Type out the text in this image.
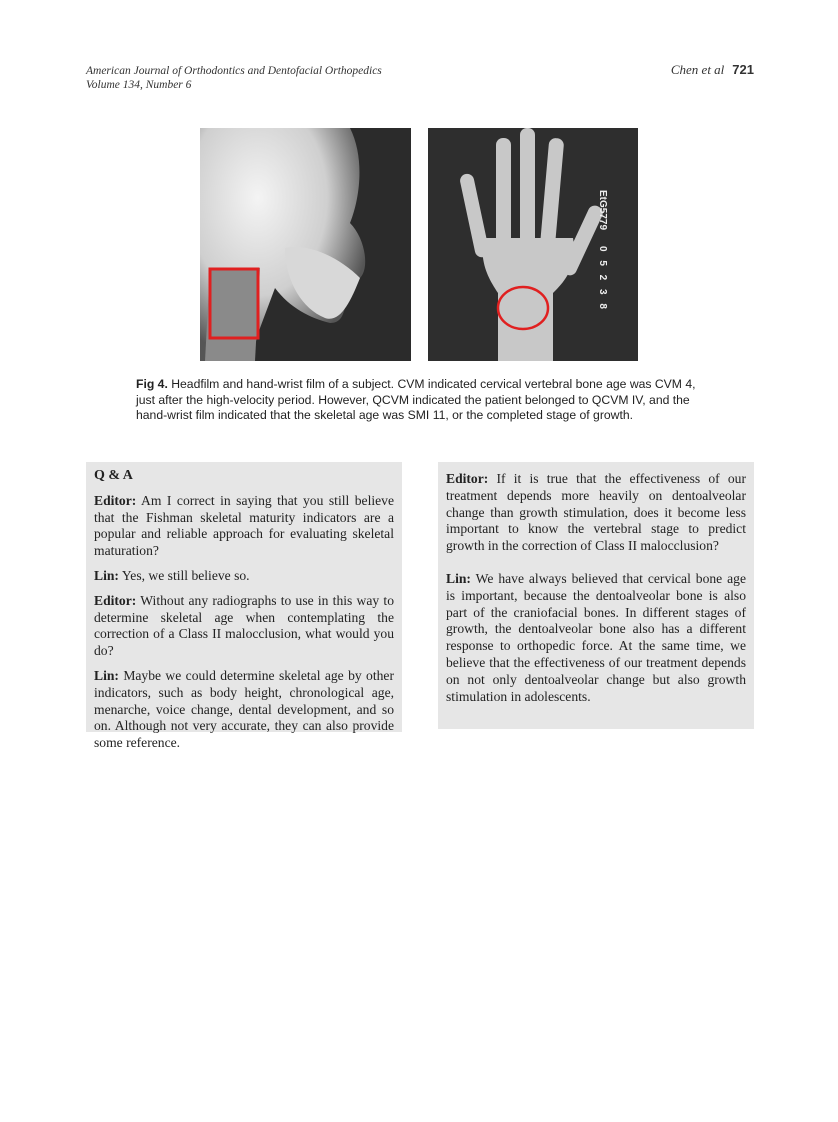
American Journal of Orthodontics and Dentofacial Orthopedics
Volume 134, Number 6
Chen et al 721
EtG5779
0 5 2 3 8
Fig 4. Headfilm and hand-wrist film of a subject. CVM indicated cervical vertebral bone age was CVM 4, just after the high-velocity period. However, QCVM indicated the patient belonged to QCVM IV, and the hand-wrist film indicated that the skeletal age was SMI 11, or the completed stage of growth.

Q & A

Editor: Am I correct in saying that you still believe that the Fishman skeletal maturity indicators are a popular and reliable approach for evaluating skeletal maturation?

Lin: Yes, we still believe so.

Editor: Without any radiographs to use in this way to determine skeletal age when contemplating the correction of a Class II malocclusion, what would you do?

Lin: Maybe we could determine skeletal age by other indicators, such as body height, chronological age, menarche, voice change, dental development, and so on. Although not very accurate, they can also provide some reference.

Editor: If it is true that the effectiveness of our treatment depends more heavily on dentoalveolar change than growth stimulation, does it become less important to know the vertebral stage to predict growth in the correction of Class II malocclusion?

Lin: We have always believed that cervical bone age is important, because the dentoalveolar bone is also part of the craniofacial bones. In different stages of growth, the dentoalveolar bone also has a different response to orthopedic force. At the same time, we believe that the effectiveness of our treatment depends on not only dentoalveolar change but also growth stimulation in adolescents.
